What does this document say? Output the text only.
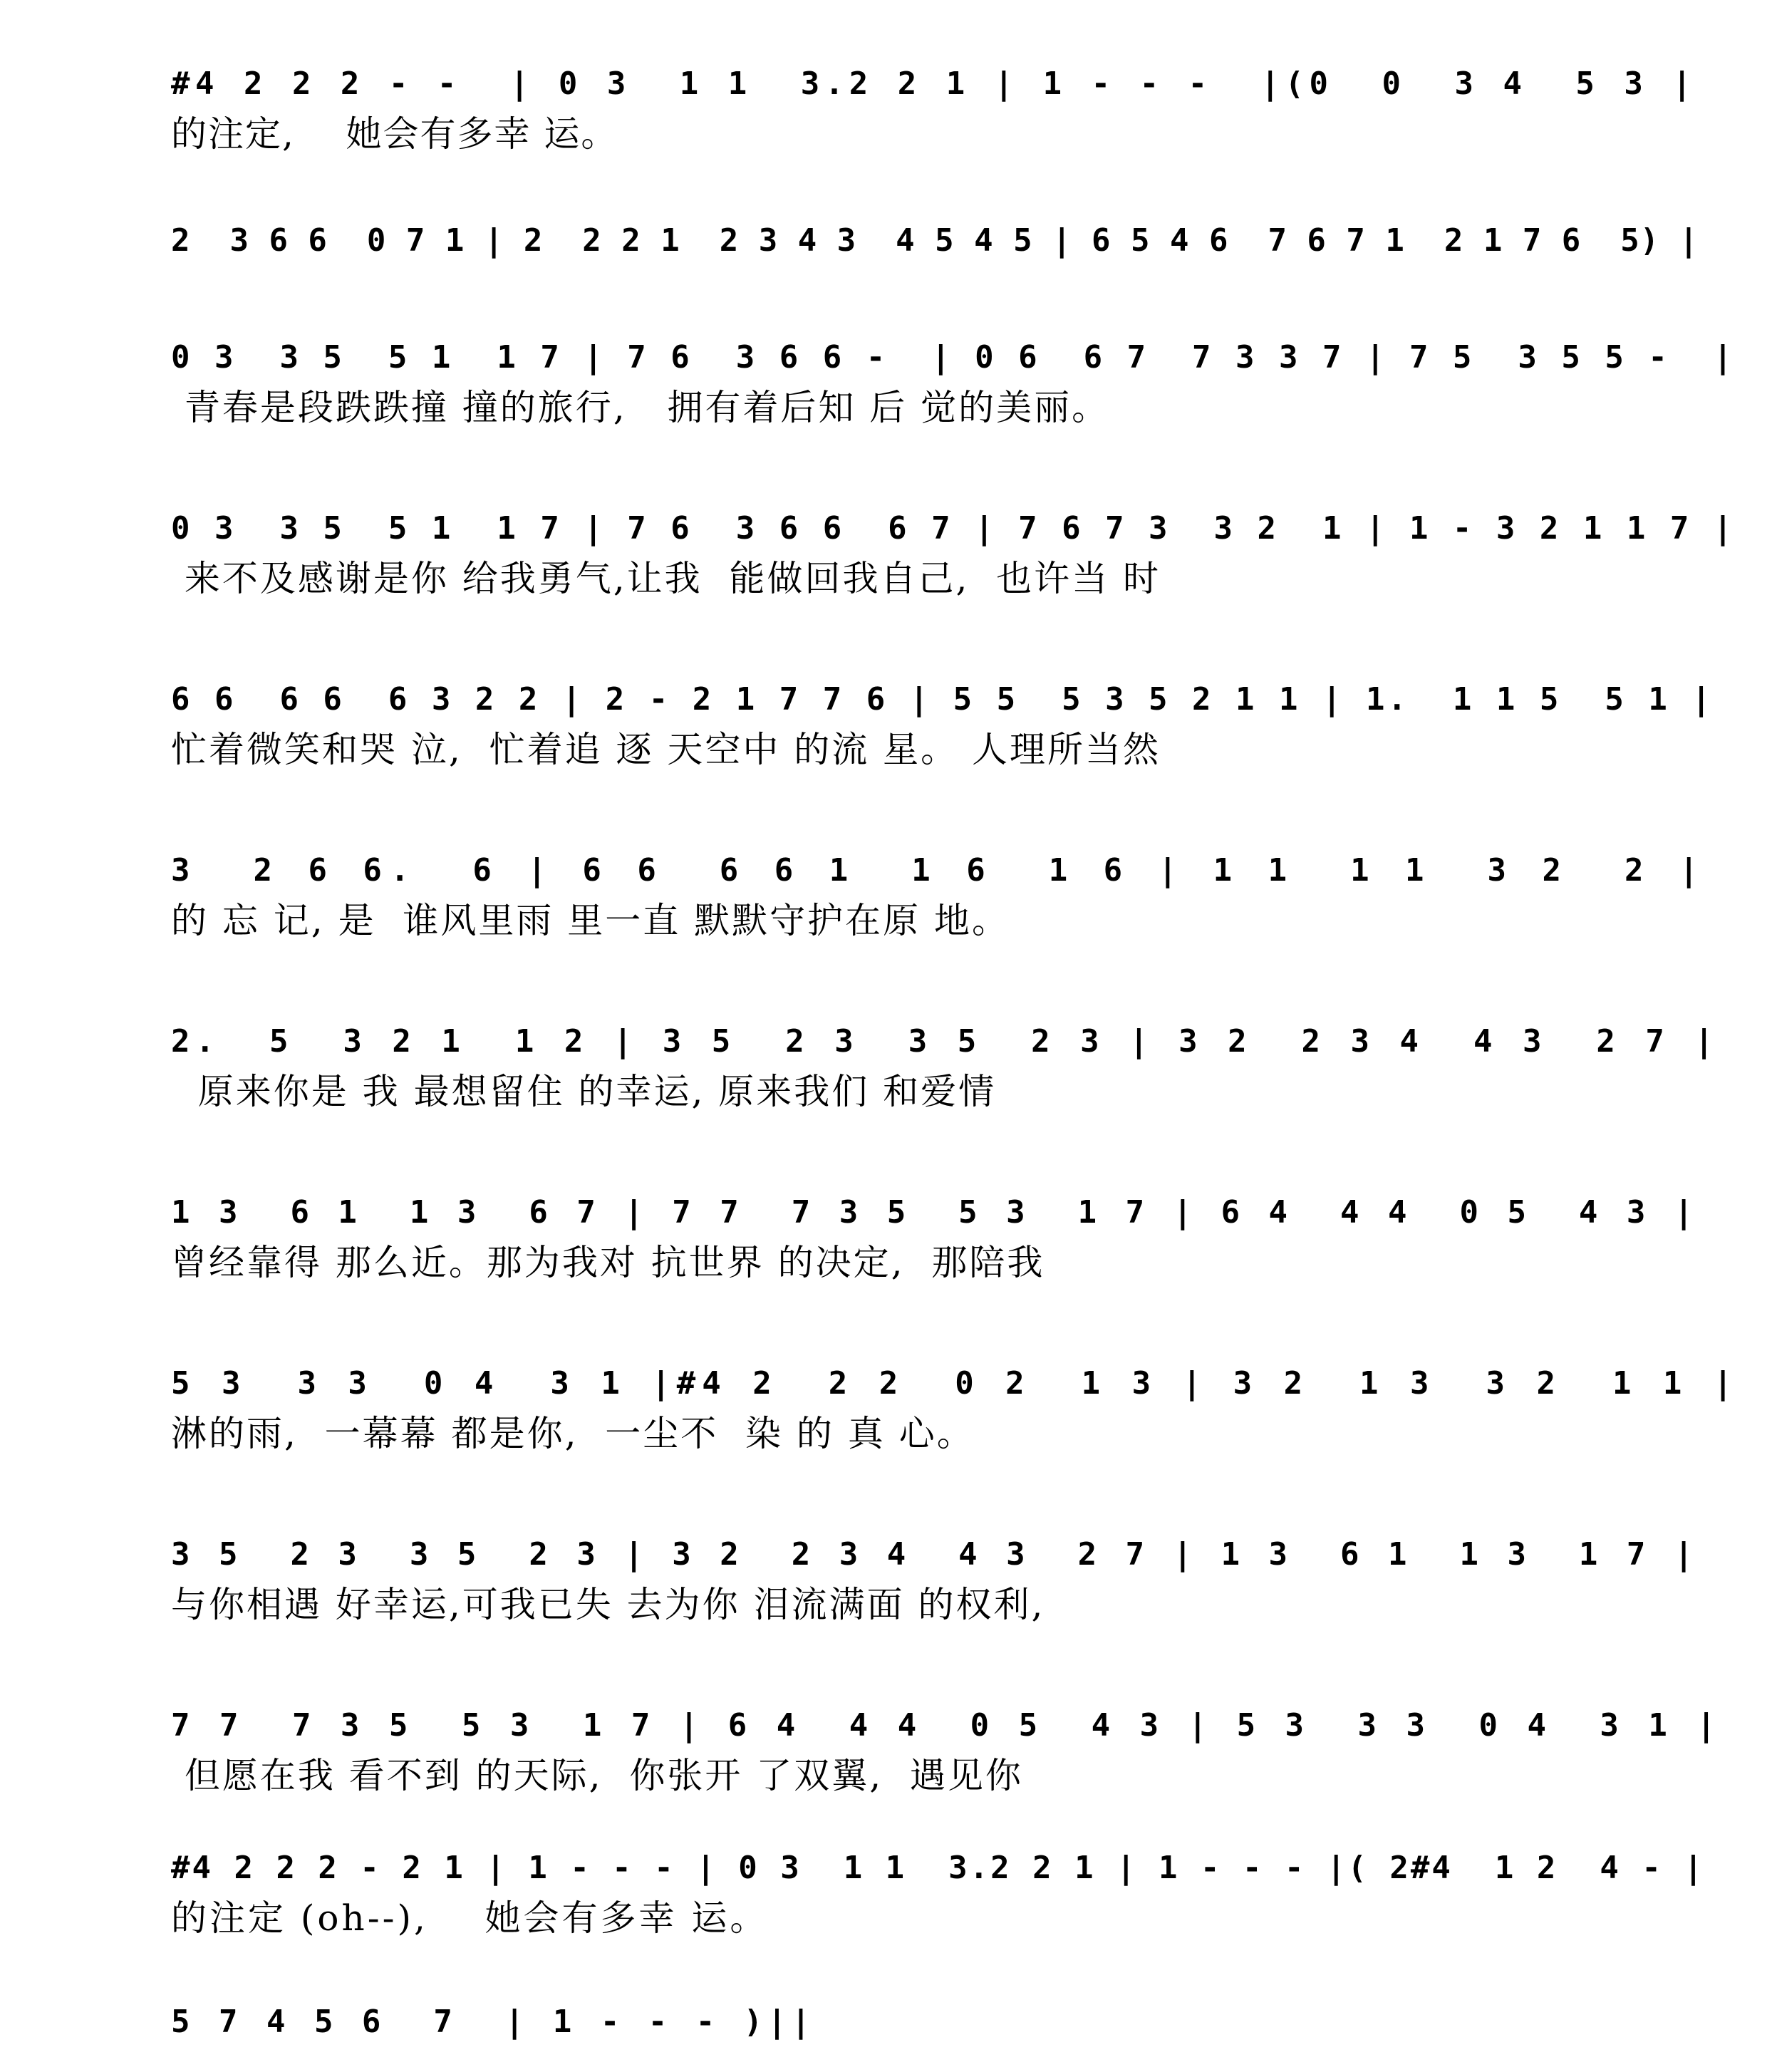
#4 2 2 2 - -  | 0 3  1 1  3.2 2 1 | 1 - - -  |(0  0  3 4  5 3 |
的注定,    她会有多幸 运。
2  3 6 6  0 7 1 | 2  2 2 1  2 3 4 3  4 5 4 5 | 6 5 4 6  7 6 7 1  2 1 7 6  5) |
0 3  3 5  5 1  1 7 | 7 6  3 6 6 -  | 0 6  6 7  7 3 3 7 | 7 5  3 5 5 -  |
青春是段跌跌撞 撞的旅行,   拥有着后知 后 觉的美丽。
0 3  3 5  5 1  1 7 | 7 6  3 6 6  6 7 | 7 6 7 3  3 2  1 | 1 - 3 2 1 1 7 |
来不及感谢是你 给我勇气,让我  能做回我自己,  也许当 时
6 6  6 6  6 3 2 2 | 2 - 2 1 7 7 6 | 5 5  5 3 5 2 1 1 | 1.  1 1 5  5 1 |
忙着微笑和哭 泣,  忙着追 逐 天空中 的流 星。 人理所当然
3  2 6 6.  6 | 6 6  6 6 1  1 6  1 6 | 1 1  1 1  3 2  2 |
的 忘 记, 是  谁风里雨 里一直 默默守护在原 地。
2.  5  3 2 1  1 2 | 3 5  2 3  3 5  2 3 | 3 2  2 3 4  4 3  2 7 |
原来你是 我 最想留住 的幸运, 原来我们 和爱情
1 3  6 1  1 3  6 7 | 7 7  7 3 5  5 3  1 7 | 6 4  4 4  0 5  4 3 |
曾经靠得 那么近。那为我对 抗世界 的决定,  那陪我
5 3  3 3  0 4  3 1 |#4 2  2 2  0 2  1 3 | 3 2  1 3  3 2  1 1 |
淋的雨,  一幕幕 都是你,  一尘不  染 的 真 心。
3 5  2 3  3 5  2 3 | 3 2  2 3 4  4 3  2 7 | 1 3  6 1  1 3  1 7 |
与你相遇 好幸运,可我已失 去为你 泪流满面 的权利,
7 7  7 3 5  5 3  1 7 | 6 4  4 4  0 5  4 3 | 5 3  3 3  0 4  3 1 |
但愿在我 看不到 的天际,  你张开 了双翼,  遇见你
#4 2 2 2 - 2 1 | 1 - - - | 0 3  1 1  3.2 2 1 | 1 - - - |( 2#4  1 2  4 - |
的注定 (oh--),    她会有多幸 运。
5 7 4 5 6  7  | 1 - - - )||
